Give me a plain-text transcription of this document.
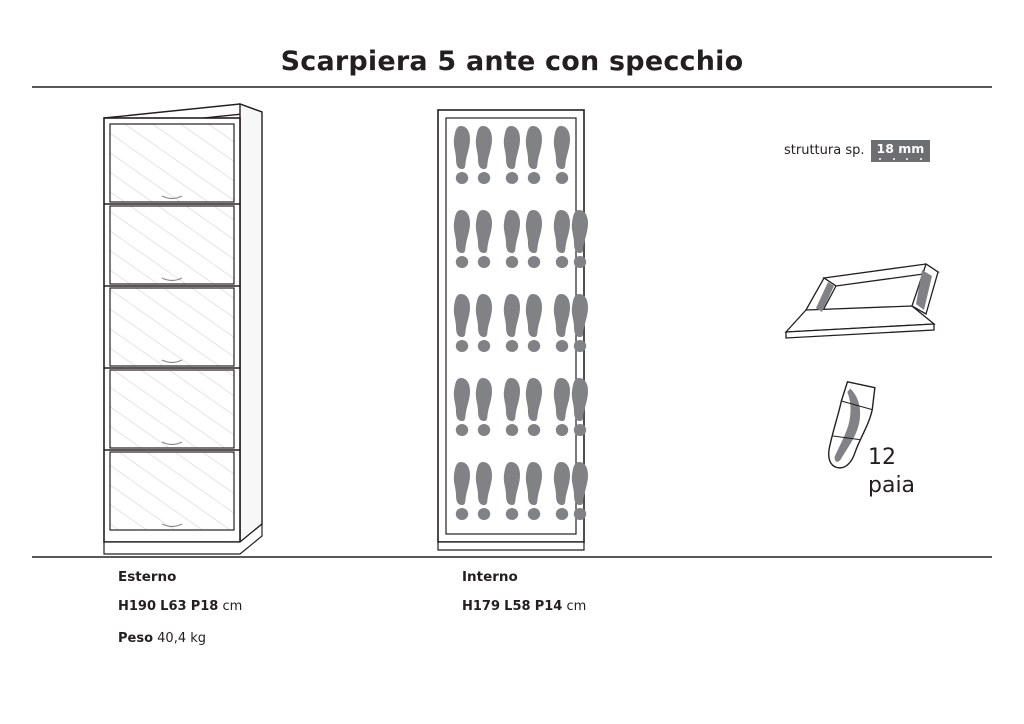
Scarpiera 5 ante con specchio
struttura sp. 18 mm
12
paia
Esterno
H190 L63 P18 cm
Peso 40,4 kg
Interno
H179 L58 P14 cm
